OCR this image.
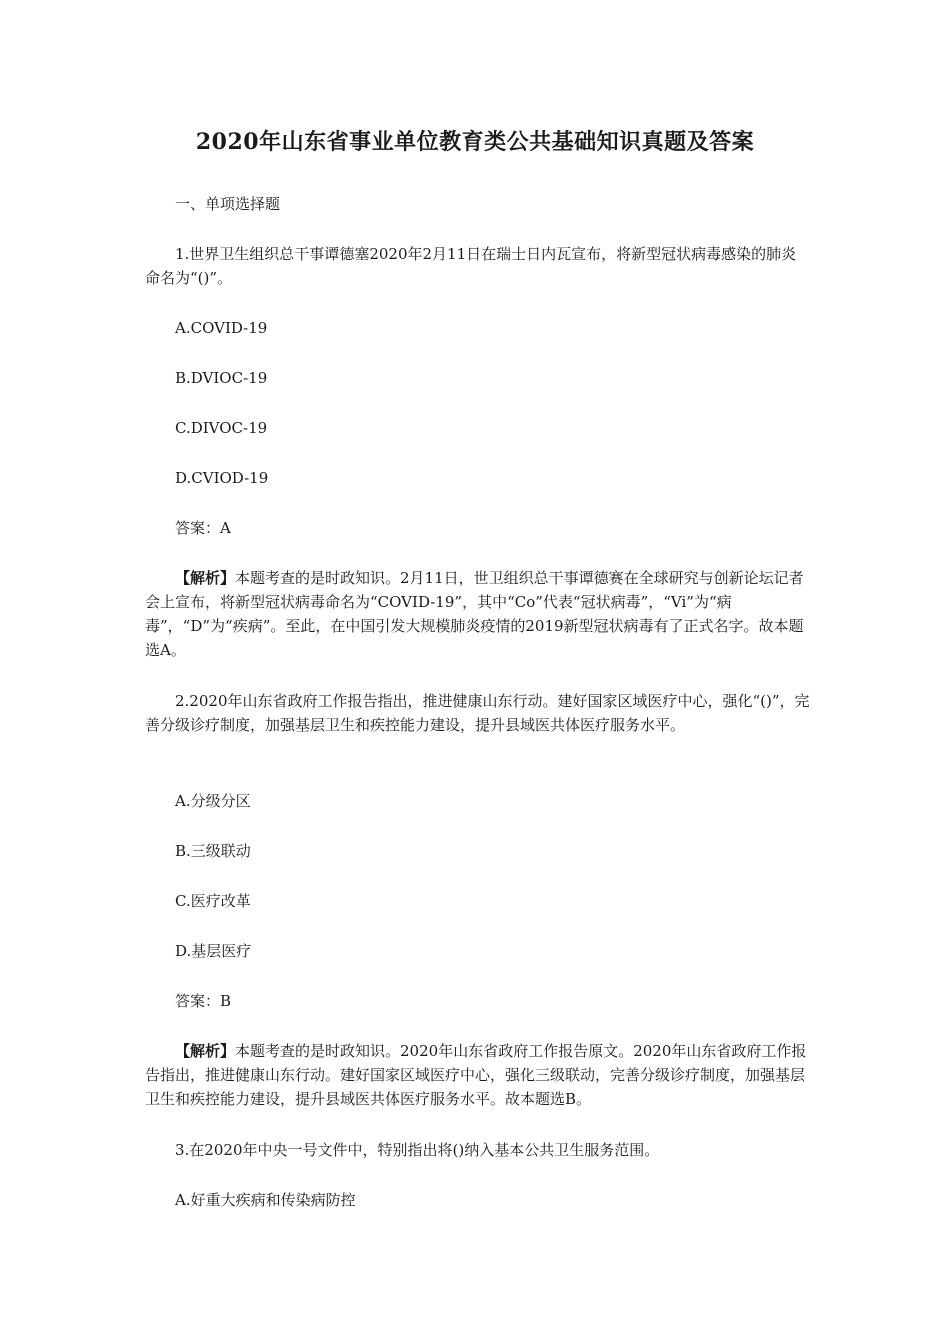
2020年山东省事业单位教育类公共基础知识真题及答案

一、单项选择题

1.世界卫生组织总干事谭德塞2020年2月11日在瑞士日内瓦宣布，将新型冠状病毒感染的肺炎命名为“()”。

A.COVID-19
B.DVIOC-19
C.DIVOC-19
D.CVIOD-19
答案：A

【解析】本题考查的是时政知识。2月11日，世卫组织总干事谭德赛在全球研究与创新论坛记者会上宣布，将新型冠状病毒命名为“COVID-19”，其中“Co”代表“冠状病毒”，“Vi”为“病毒”，“D”为“疾病”。至此，在中国引发大规模肺炎疫情的2019新型冠状病毒有了正式名字。故本题选A。

2.2020年山东省政府工作报告指出，推进健康山东行动。建好国家区域医疗中心，强化“()”，完善分级诊疗制度，加强基层卫生和疾控能力建设，提升县域医共体医疗服务水平。

A.分级分区
B.三级联动
C.医疗改革
D.基层医疗
答案：B

【解析】本题考查的是时政知识。2020年山东省政府工作报告原文。2020年山东省政府工作报告指出，推进健康山东行动。建好国家区域医疗中心，强化三级联动，完善分级诊疗制度，加强基层卫生和疾控能力建设，提升县域医共体医疗服务水平。故本题选B。

3.在2020年中央一号文件中，特别指出将()纳入基本公共卫生服务范围。

A.好重大疾病和传染病防控
